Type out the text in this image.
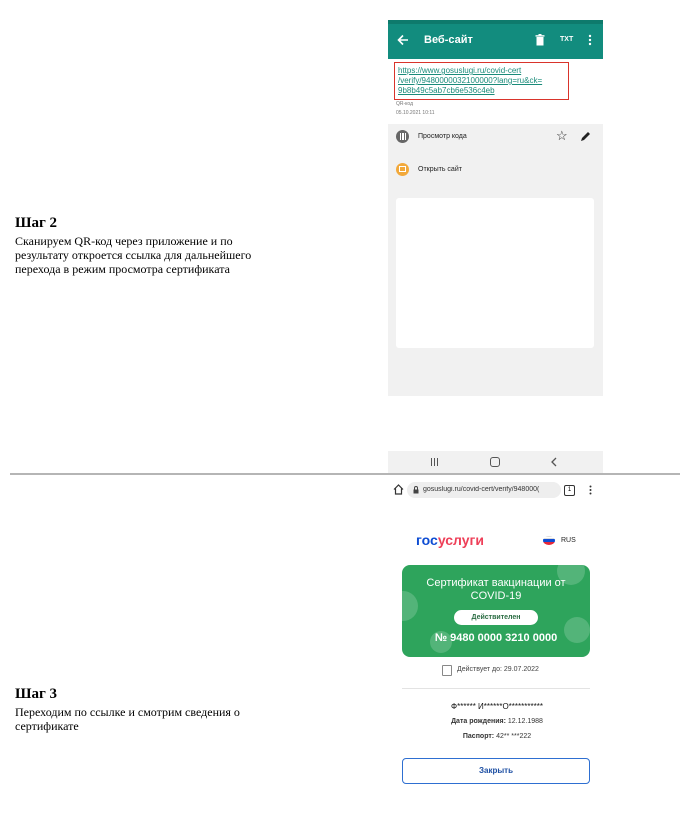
Шаг 2
Сканируем QR-код через приложение и по результату откроется ссылка для дальнейшего перехода в режим просмотра сертификата
Веб-сайт	TXT
https://www.gosuslugi.ru/covid-cert
/verify/9480000032100000?lang=ru&ck=
9b8b49c5ab7cb6e536c4eb
QR-код
05.10.2021 10:11
Просмотр кода	☆
Открыть сайт
Шаг 3
Переходим по ссылке и смотрим сведения о сертификате
gosuslugi.ru/covid-cert/verify/948000(	1
госуслуги	RUS
Сертификат вакцинации от
COVID-19
Действителен
№ 9480 0000 3210 0000
Действует до: 29.07.2022
Ф****** И******О***********
Дата рождения: 12.12.1988
Паспорт: 42** ***222
Закрыть
